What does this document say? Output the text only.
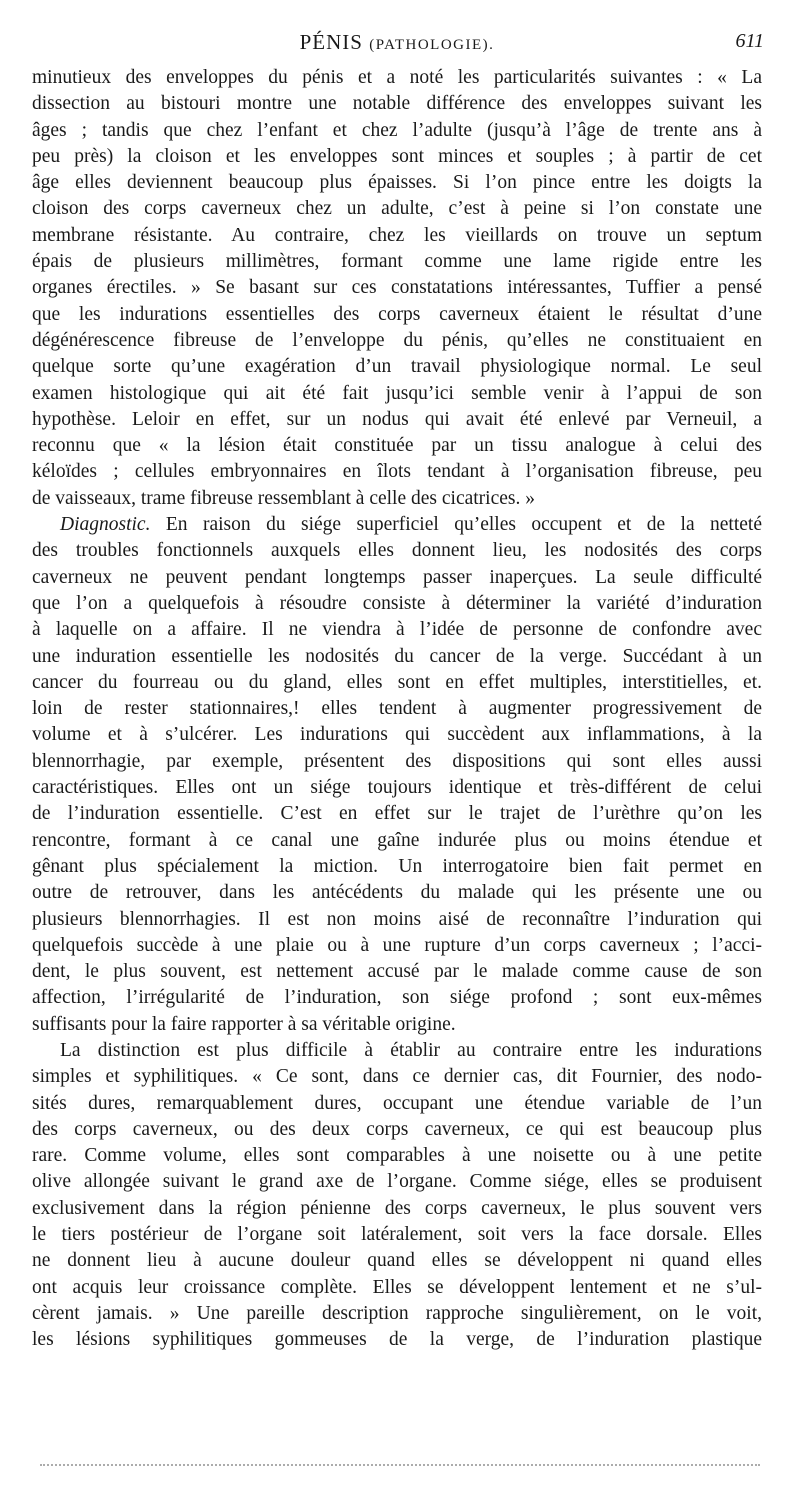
PÉNIS (PATHOLOGIE).	611
minutieux des enveloppes du pénis et a noté les particularités suivantes : « La
dissection au bistouri montre une notable différence des enveloppes suivant les
âges ; tandis que chez l’enfant et chez l’adulte (jusqu’à l’âge de trente ans à
peu près) la cloison et les enveloppes sont minces et souples ; à partir de cet
âge elles deviennent beaucoup plus épaisses. Si l’on pince entre les doigts la
cloison des corps caverneux chez un adulte, c’est à peine si l’on constate une
membrane résistante. Au contraire, chez les vieillards on trouve un septum
épais de plusieurs millimètres, formant comme une lame rigide entre les
organes érectiles. » Se basant sur ces constatations intéressantes, Tuffier a pensé
que les indurations essentielles des corps caverneux étaient le résultat d’une
dégénérescence fibreuse de l’enveloppe du pénis, qu’elles ne constituaient en
quelque sorte qu’une exagération d’un travail physiologique normal. Le seul
examen histologique qui ait été fait jusqu’ici semble venir à l’appui de son
hypothèse. Leloir en effet, sur un nodus qui avait été enlevé par Verneuil, a
reconnu que « la lésion était constituée par un tissu analogue à celui des
kéloïdes ; cellules embryonnaires en îlots tendant à l’organisation fibreuse, peu
de vaisseaux, trame fibreuse ressemblant à celle des cicatrices. »
Diagnostic. En raison du siége superficiel qu’elles occupent et de la netteté
des troubles fonctionnels auxquels elles donnent lieu, les nodosités des corps
caverneux ne peuvent pendant longtemps passer inaperçues. La seule difficulté
que l’on a quelquefois à résoudre consiste à déterminer la variété d’induration
à laquelle on a affaire. Il ne viendra à l’idée de personne de confondre avec
une induration essentielle les nodosités du cancer de la verge. Succédant à un
cancer du fourreau ou du gland, elles sont en effet multiples, interstitielles, et.
loin de rester stationnaires,! elles tendent à augmenter progressivement de
volume et à s’ulcérer. Les indurations qui succèdent aux inflammations, à la
blennorrhagie, par exemple, présentent des dispositions qui sont elles aussi
caractéristiques. Elles ont un siége toujours identique et très-différent de celui
de l’induration essentielle. C’est en effet sur le trajet de l’urèthre qu’on les
rencontre, formant à ce canal une gaîne indurée plus ou moins étendue et
gênant plus spécialement la miction. Un interrogatoire bien fait permet en
outre de retrouver, dans les antécédents du malade qui les présente une ou
plusieurs blennorrhagies. Il est non moins aisé de reconnaître l’induration qui
quelquefois succède à une plaie ou à une rupture d’un corps caverneux ; l’acci-
dent, le plus souvent, est nettement accusé par le malade comme cause de son
affection, l’irrégularité de l’induration, son siége profond ; sont eux-mêmes
suffisants pour la faire rapporter à sa véritable origine.
La distinction est plus difficile à établir au contraire entre les indurations
simples et syphilitiques. « Ce sont, dans ce dernier cas, dit Fournier, des nodo-
sités dures, remarquablement dures, occupant une étendue variable de l’un
des corps caverneux, ou des deux corps caverneux, ce qui est beaucoup plus
rare. Comme volume, elles sont comparables à une noisette ou à une petite
olive allongée suivant le grand axe de l’organe. Comme siége, elles se produisent
exclusivement dans la région pénienne des corps caverneux, le plus souvent vers
le tiers postérieur de l’organe soit latéralement, soit vers la face dorsale. Elles
ne donnent lieu à aucune douleur quand elles se développent ni quand elles
ont acquis leur croissance complète. Elles se développent lentement et ne s’ul-
cèrent jamais. » Une pareille description rapproche singulièrement, on le voit,
les lésions syphilitiques gommeuses de la verge, de l’induration plastique
